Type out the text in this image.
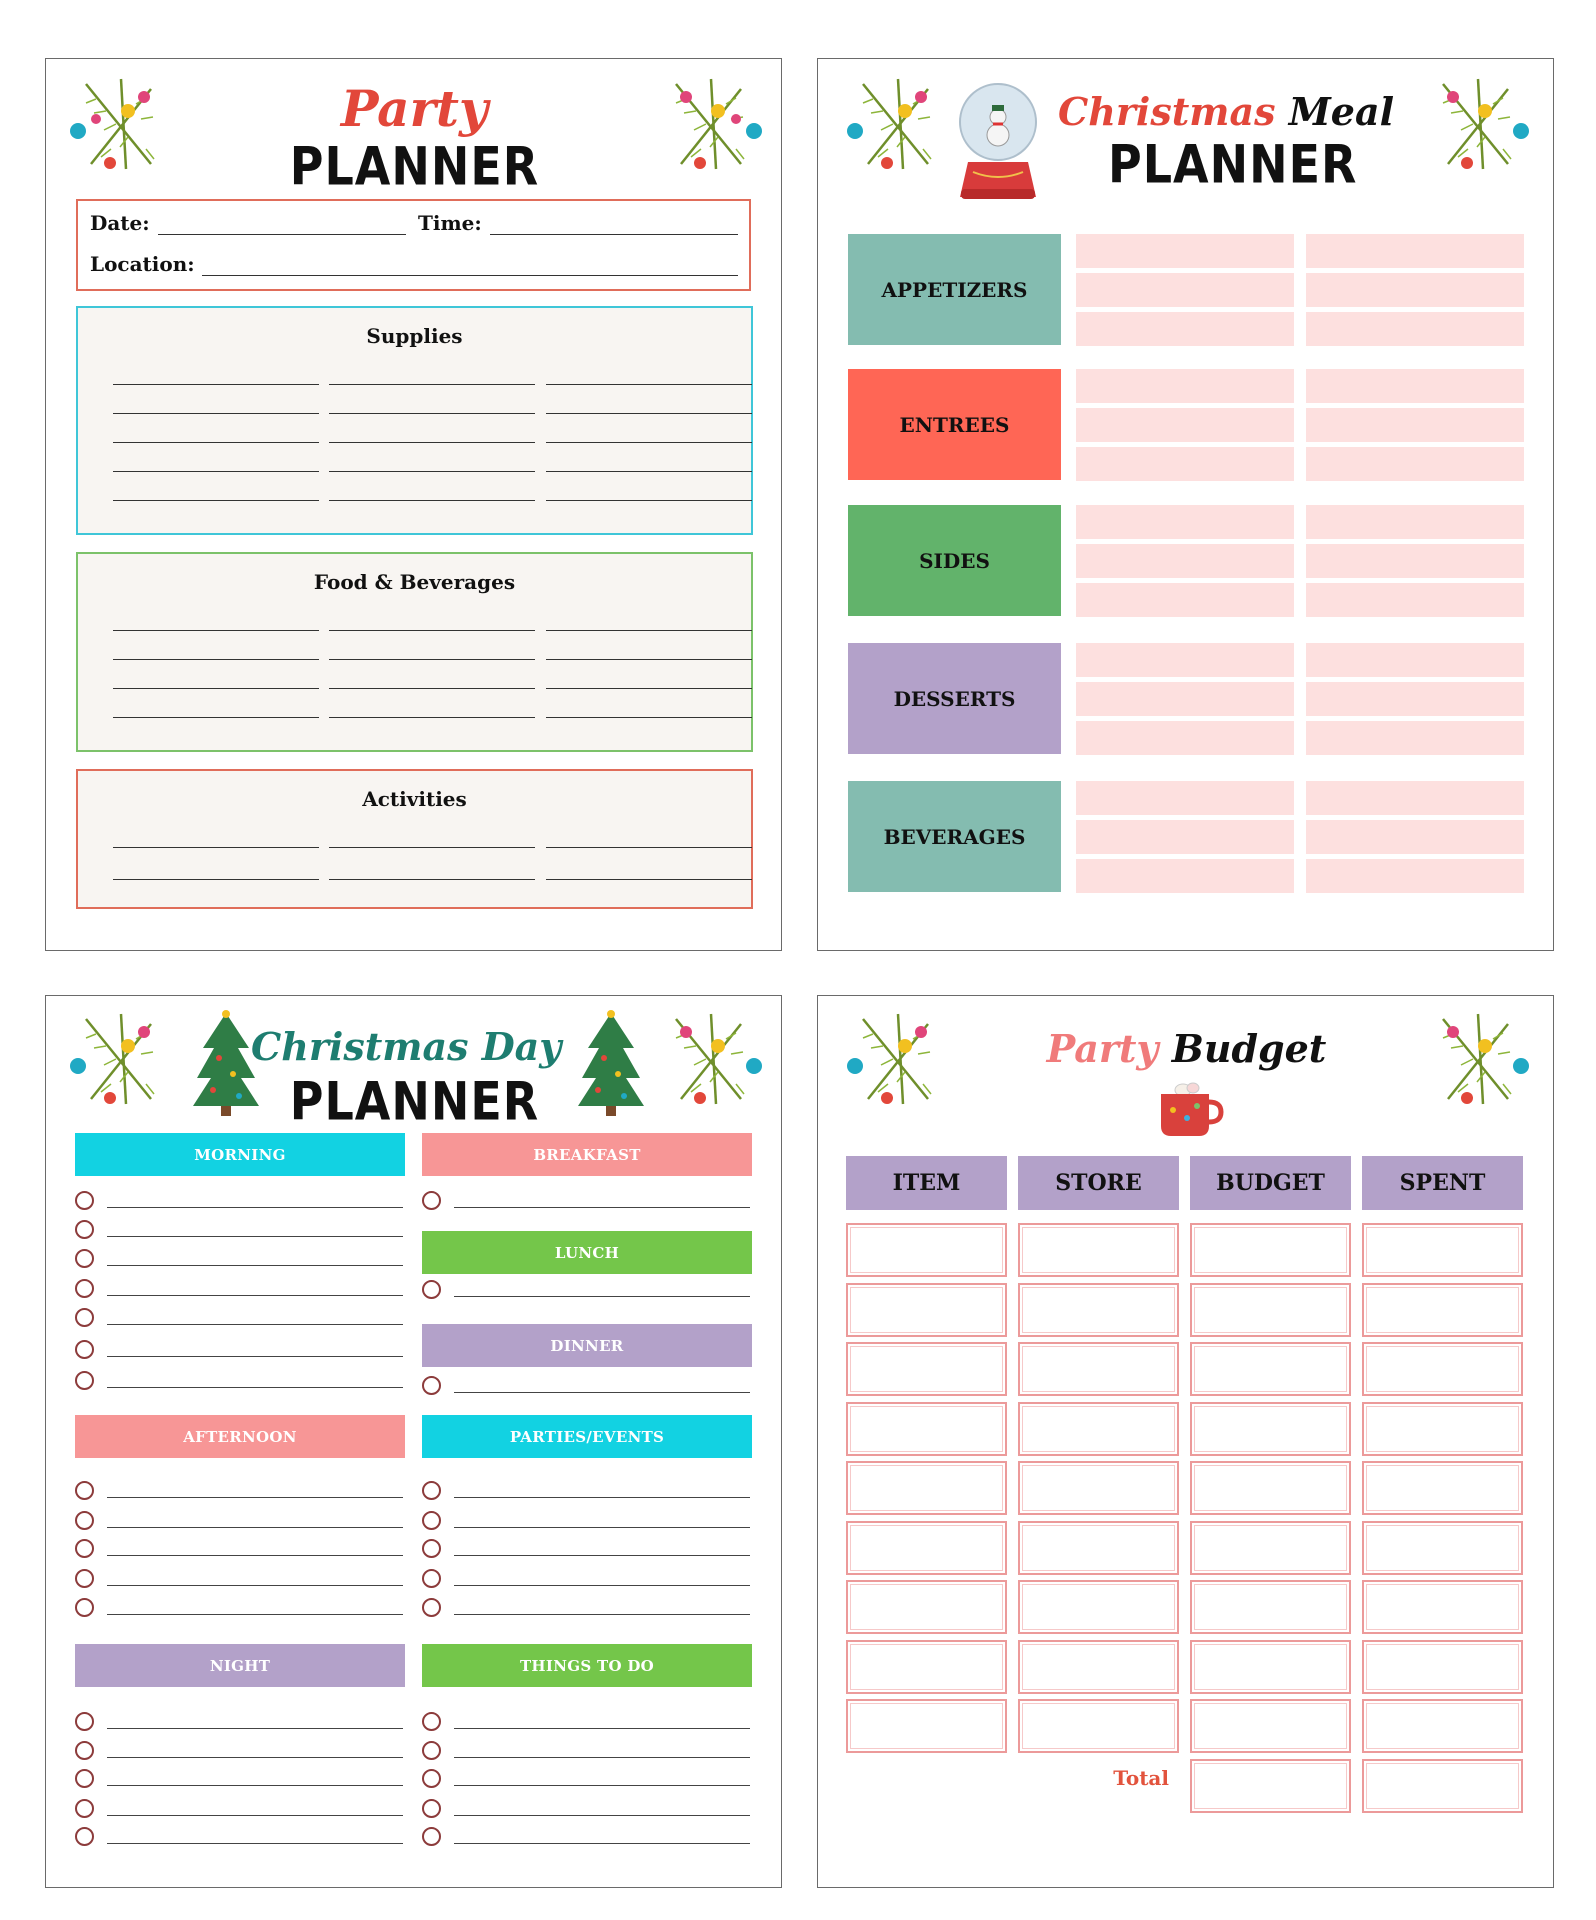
Party
PLANNER
Date:	Time:
Location:
Supplies
Food & Beverages
Activities
Christmas Meal
PLANNER
APPETIZERS
ENTREES
SIDES
DESSERTS
BEVERAGES
Christmas Day
PLANNER
MORNING	BREAKFAST
LUNCH
DINNER
AFTERNOON	PARTIES/EVENTS
NIGHT	THINGS TO DO
Party Budget
ITEM	STORE	BUDGET	SPENT
Total
